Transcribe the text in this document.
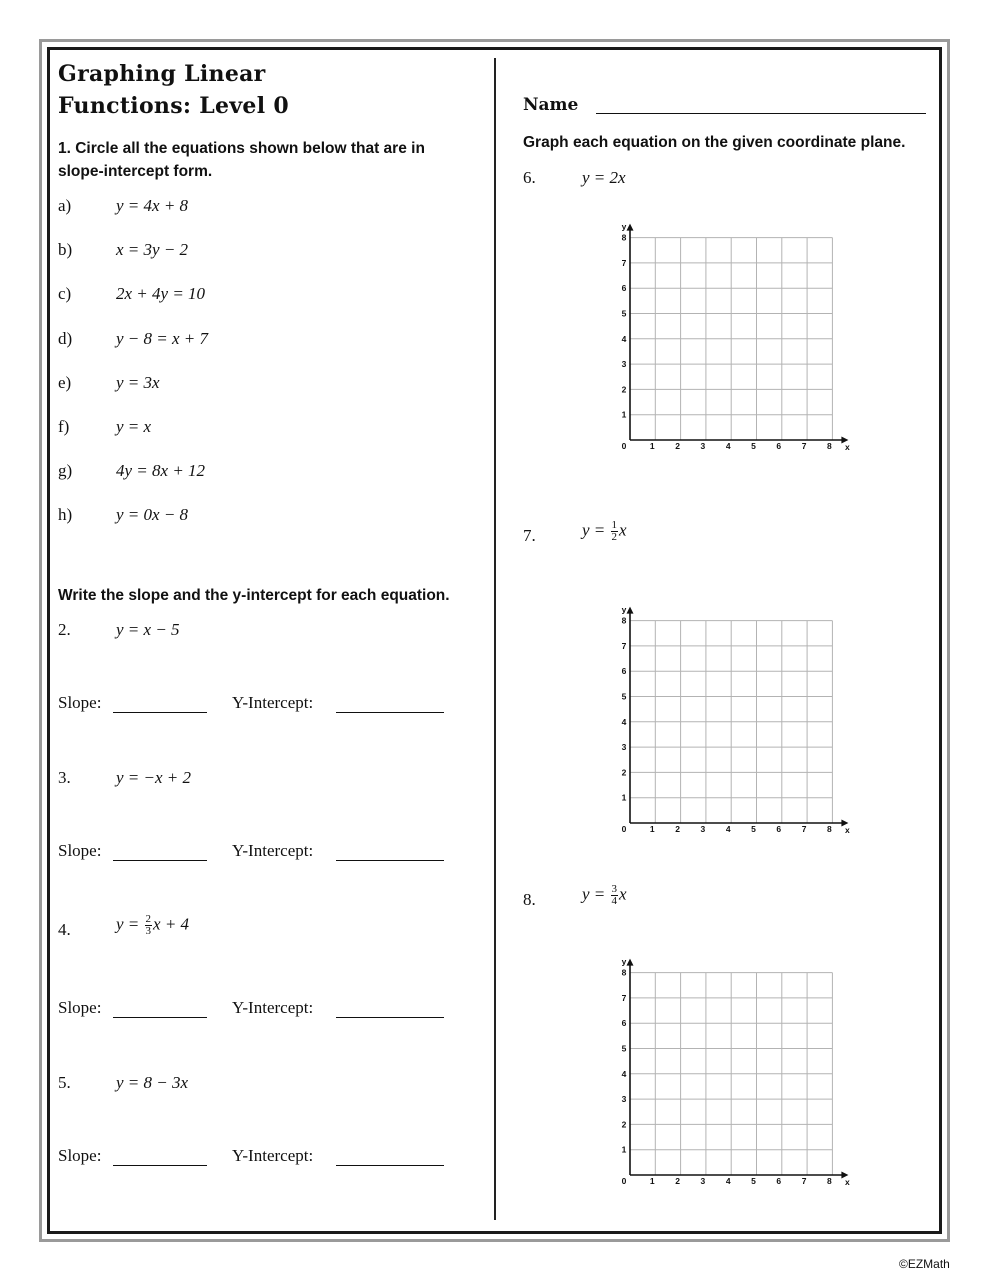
Graphing Linear
Functions: Level 0
1. Circle all the equations shown below that are in
slope-intercept form.
a)	y = 4x + 8
b)	x = 3y − 2
c)	2x + 4y = 10
d)	y − 8 = x + 7
e)	y = 3x
f)	y = x
g)	4y = 8x + 12
h)	y = 0x − 8
Write the slope and the y-intercept for each equation.
2.	y = x − 5
Slope:	Y-Intercept:
3.	y = −x + 2
Slope:	Y-Intercept:
4.	$y = \frac{2}{3}$ x + 4
Slope:	Y-Intercept:
5.	y = 8 − 3x
Slope:	Y-Intercept:
Name
Graph each equation on the given coordinate plane.
6.	y = 2x
7.	$y = \frac{1}{2}$ x
8.	$y = \frac{3}{4}$ x
0	1 2 3 4 5 6 7 8
1
2
3
4
5
6
7
8
x
y
0	1 2 3 4 5 6 7 8
1
2
3
4
5
6
7
8
x
y
0	1 2 3 4 5 6 7 8
1
2
3
4
5
6
7
8
x
y
©EZMath
